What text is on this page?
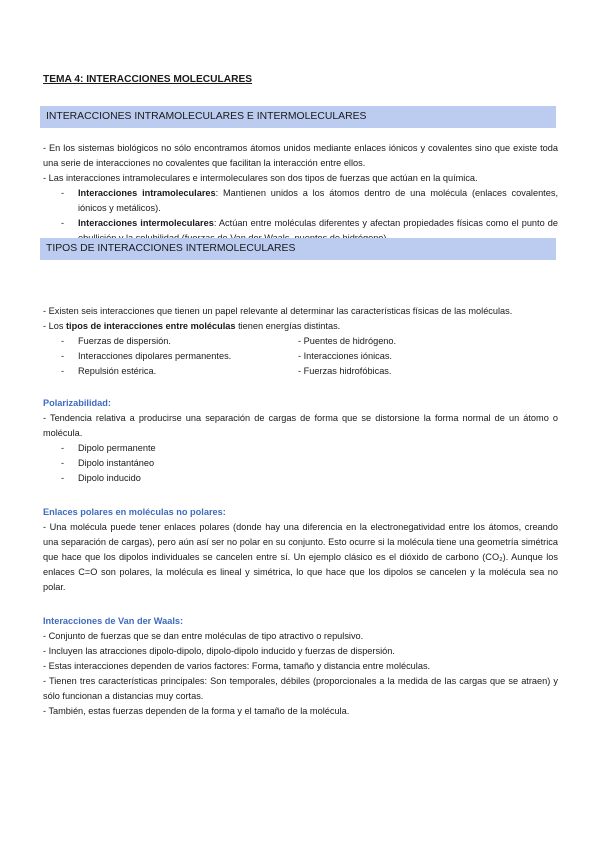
TEMA 4: INTERACCIONES MOLECULARES
INTERACCIONES INTRAMOLECULARES E INTERMOLECULARES

- En los sistemas biológicos no sólo encontramos átomos unidos mediante enlaces iónicos y covalentes sino que existe toda una serie de interacciones no covalentes que facilitan la interacción entre ellos.

- Las interacciones intramoleculares e intermoleculares son dos tipos de fuerzas que actúan en la química.

- Interacciones intramoleculares: Mantienen unidos a los átomos dentro de una molécula (enlaces covalentes, iónicos y metálicos).
- Interacciones intermoleculares: Actúan entre moléculas diferentes y afectan propiedades físicas como el punto de
TIPOS DE INTERACCIONES INTERMOLECULARES

- Existen seis interacciones que tienen un papel relevante al determinar las características físicas de las moléculas.

- Los tipos de interacciones entre moléculas tienen energías distintas.

- Fuerzas de dispersión.
- Interacciones dipolares permanentes.
- Repulsión estérica.
- Puentes de hidrógeno.
- Interacciones iónicas.
- Fuerzas hidrofóbicas.
Polarizabilidad:

- Tendencia relativa a producirse una separación de cargas de forma que se distorsione la forma normal de un átomo o molécula.

- Dipolo permanente
- Dipolo instantáneo
- Dipolo inducido
Enlaces polares en moléculas no polares:

- Una molécula puede tener enlaces polares (donde hay una diferencia en la electronegatividad entre los átomos, creando una separación de cargas), pero aún así ser no polar en su conjunto. Esto ocurre si la molécula tiene una geometría simétrica que hace que los dipolos individuales se cancelen entre sí. Un ejemplo clásico es el dióxido de carbono (CO₂). Aunque los enlaces C=O son polares, la molécula es lineal y simétrica, lo que hace que los dipolos se cancelen y la molécula sea no polar.

Interacciones de Van der Waals:

- Conjunto de fuerzas que se dan entre moléculas de tipo atractivo o repulsivo.

- Incluyen las atracciones dipolo-dipolo, dipolo-dipolo inducido y fuerzas de dispersión.

- Estas interacciones dependen de varios factores: Forma, tamaño y distancia entre moléculas.

- Tienen tres características principales: Son temporales, débiles (proporcionales a la medida de las cargas que se atraen) y sólo funcionan a distancias muy cortas.

- También, estas fuerzas dependen de la forma y el tamaño de la molécula.
